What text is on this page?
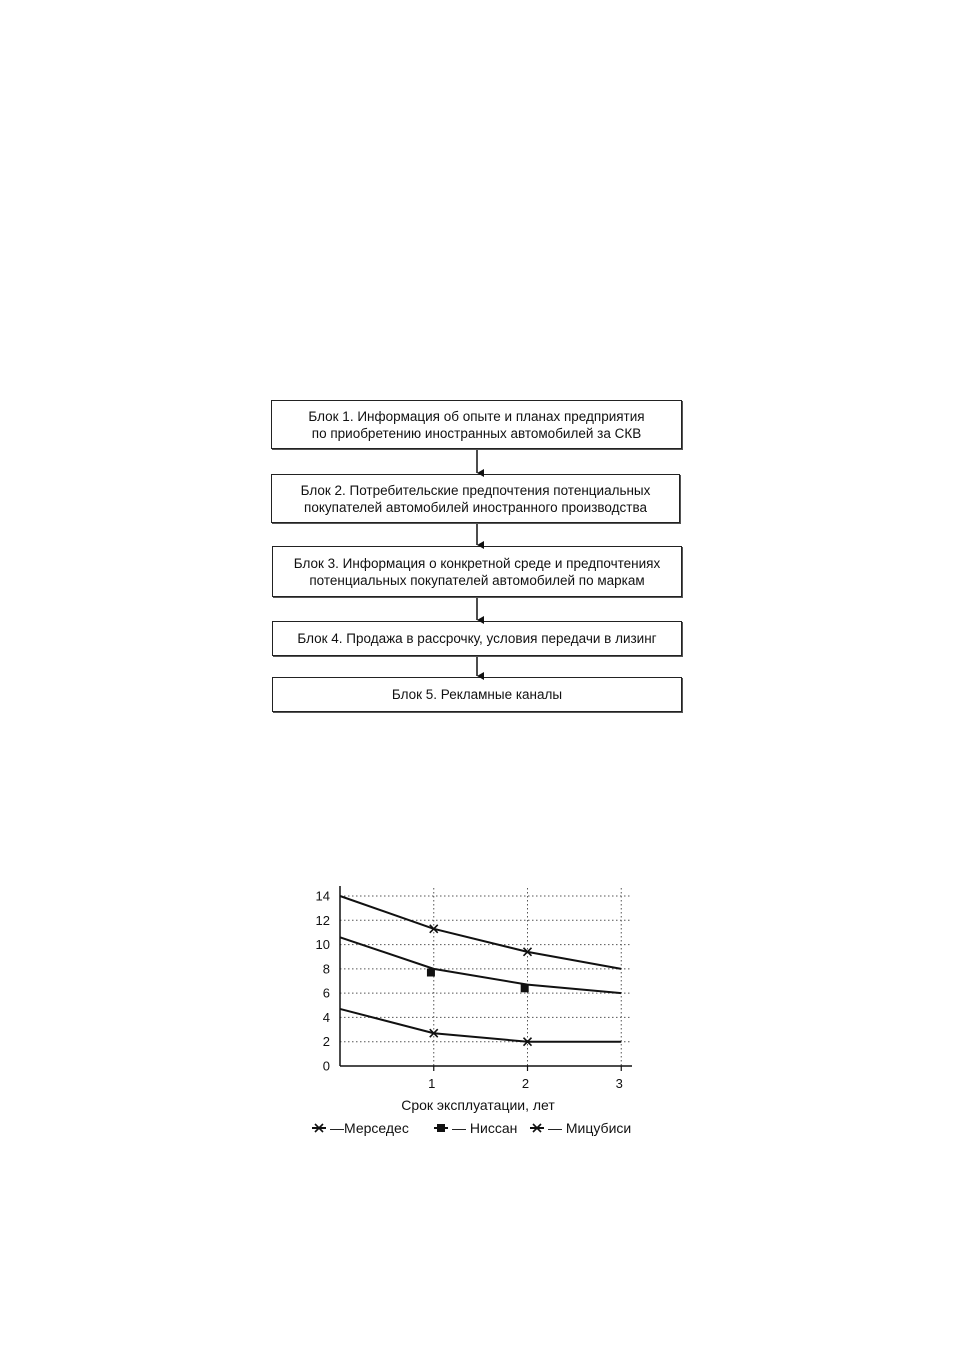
Блок 1. Информация об опыте и планах предприятия
по приобретению иностранных автомобилей за СКВ
Блок 2. Потребительские предпочтения потенциальных
покупателей автомобилей иностранного производства
Блок 3. Информация о конкретной среде и предпочтениях
потенциальных покупателей автомобилей по маркам
Блок 4. Продажа в рассрочку, условия передачи в лизинг
Блок 5. Рекламные каналы
0
2
4
6
8
10
12
14
1	2	3
Срок эксплуатации, лет
—Мерседес	— Ниссан — Мицубиси
